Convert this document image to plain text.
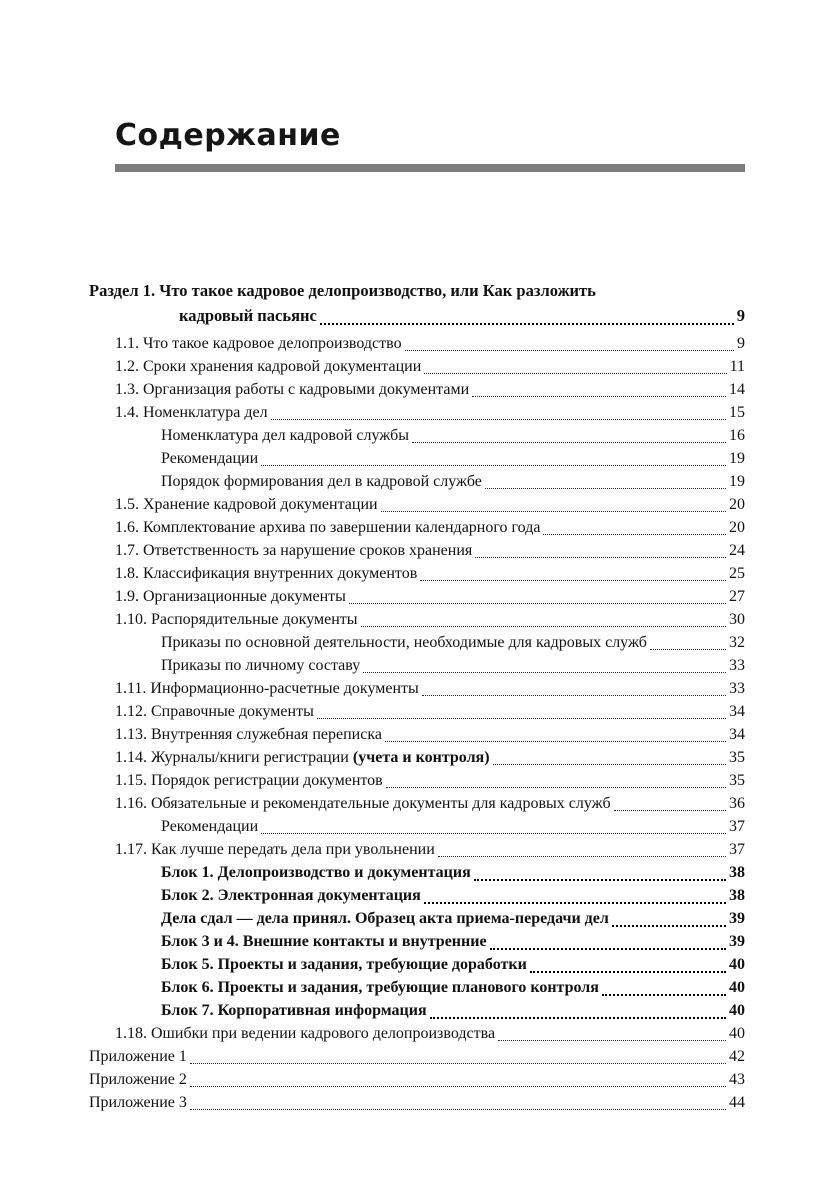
Содержание
Раздел 1. Что такое кадровое делопроизводство, или Как разложить
кадровый пасьянс	9
1.1. Что такое кадровое делопроизводство	9
1.2. Сроки хранения кадровой документации	11
1.3. Организация работы с кадровыми документами	14
1.4. Номенклатура дел	15
Номенклатура дел кадровой службы	16
Рекомендации	19
Порядок формирования дел в кадровой службе	19
1.5. Хранение кадровой документации	20
1.6. Комплектование архива по завершении календарного года	20
1.7. Ответственность за нарушение сроков хранения	24
1.8. Классификация внутренних документов	25
1.9. Организационные документы	27
1.10. Распорядительные документы	30
Приказы по основной деятельности, необходимые для кадровых служб	32
Приказы по личному составу	33
1.11. Информационно-расчетные документы	33
1.12. Справочные документы	34
1.13. Внутренняя служебная переписка	34
1.14. Журналы/книги регистрации (учета и контроля)	35
1.15. Порядок регистрации документов	35
1.16. Обязательные и рекомендательные документы для кадровых служб	36
Рекомендации	37
1.17. Как лучше передать дела при увольнении	37
Блок 1. Делопроизводство и документация	38
Блок 2. Электронная документация	38
Дела сдал — дела принял. Образец акта приема-передачи дел	39
Блок 3 и 4. Внешние контакты и внутренние	39
Блок 5. Проекты и задания, требующие доработки	40
Блок 6. Проекты и задания, требующие планового контроля	40
Блок 7. Корпоративная информация	40
1.18. Ошибки при ведении кадрового делопроизводства	40
Приложение 1	42
Приложение 2	43
Приложение 3	44
